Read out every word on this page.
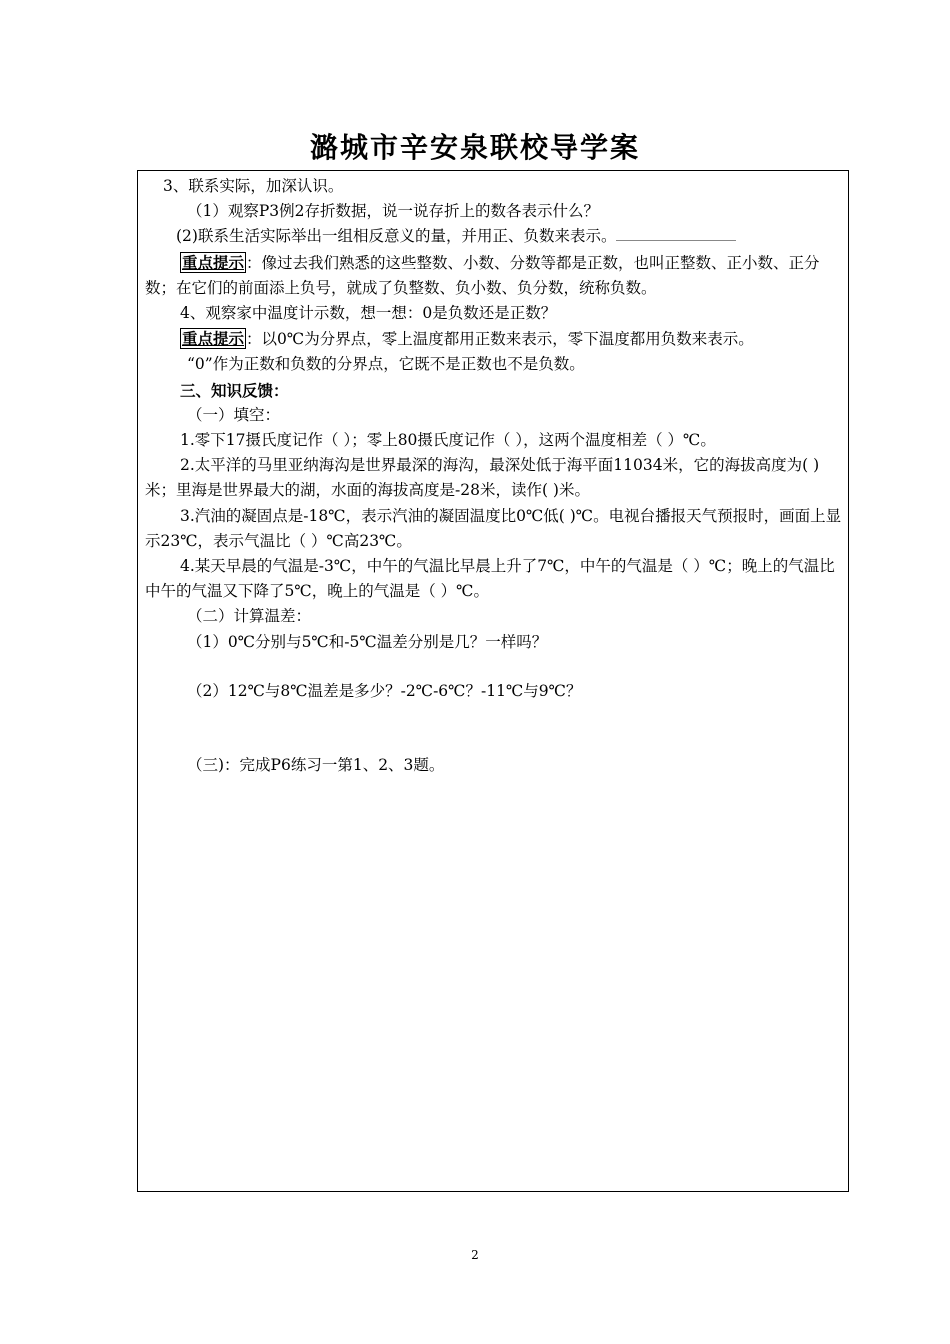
潞城市辛安泉联校导学案

3、联系实际，加深认识。

（1）观察P3例2存折数据，说一说存折上的数各表示什么？

(2)联系生活实际举出一组相反意义的量，并用正、负数来表示。

重点提示 ：像过去我们熟悉的这些整数、小数、分数等都是正数，也叫正整数、正小数、正分数；在它们的前面添上负号，就成了负整数、负小数、负分数，统称负数。

4、观察家中温度计示数，想一想：0是负数还是正数？

重点提示 ：以0℃为分界点，零上温度都用正数来表示，零下温度都用负数来表示。

“0”作为正数和负数的分界点，它既不是正数也不是负数。

三、知识反馈：

（一）填空：

1.零下17摄氏度记作（ ）；零上80摄氏度记作（ ），这两个温度相差（ ）℃。

2.太平洋的马里亚纳海沟是世界最深的海沟，最深处低于海平面11034米，它的海拔高度为( )米；里海是世界最大的湖，水面的海拔高度是-28米，读作( )米。

3.汽油的凝固点是-18℃，表示汽油的凝固温度比0℃低( )℃。电视台播报天气预报时，画面上显示23℃，表示气温比（ ）℃高23℃。

4.某天早晨的气温是-3℃，中午的气温比早晨上升了7℃，中午的气温是（ ）℃；晚上的气温比中午的气温又下降了5℃，晚上的气温是（ ）℃。

（二）计算温差：

（1）0℃分别与5℃和-5℃温差分别是几？一样吗？

（2）12℃与8℃温差是多少？-2℃-6℃？-11℃与9℃？

（三)：完成P6练习一第1、2、3题。

2
